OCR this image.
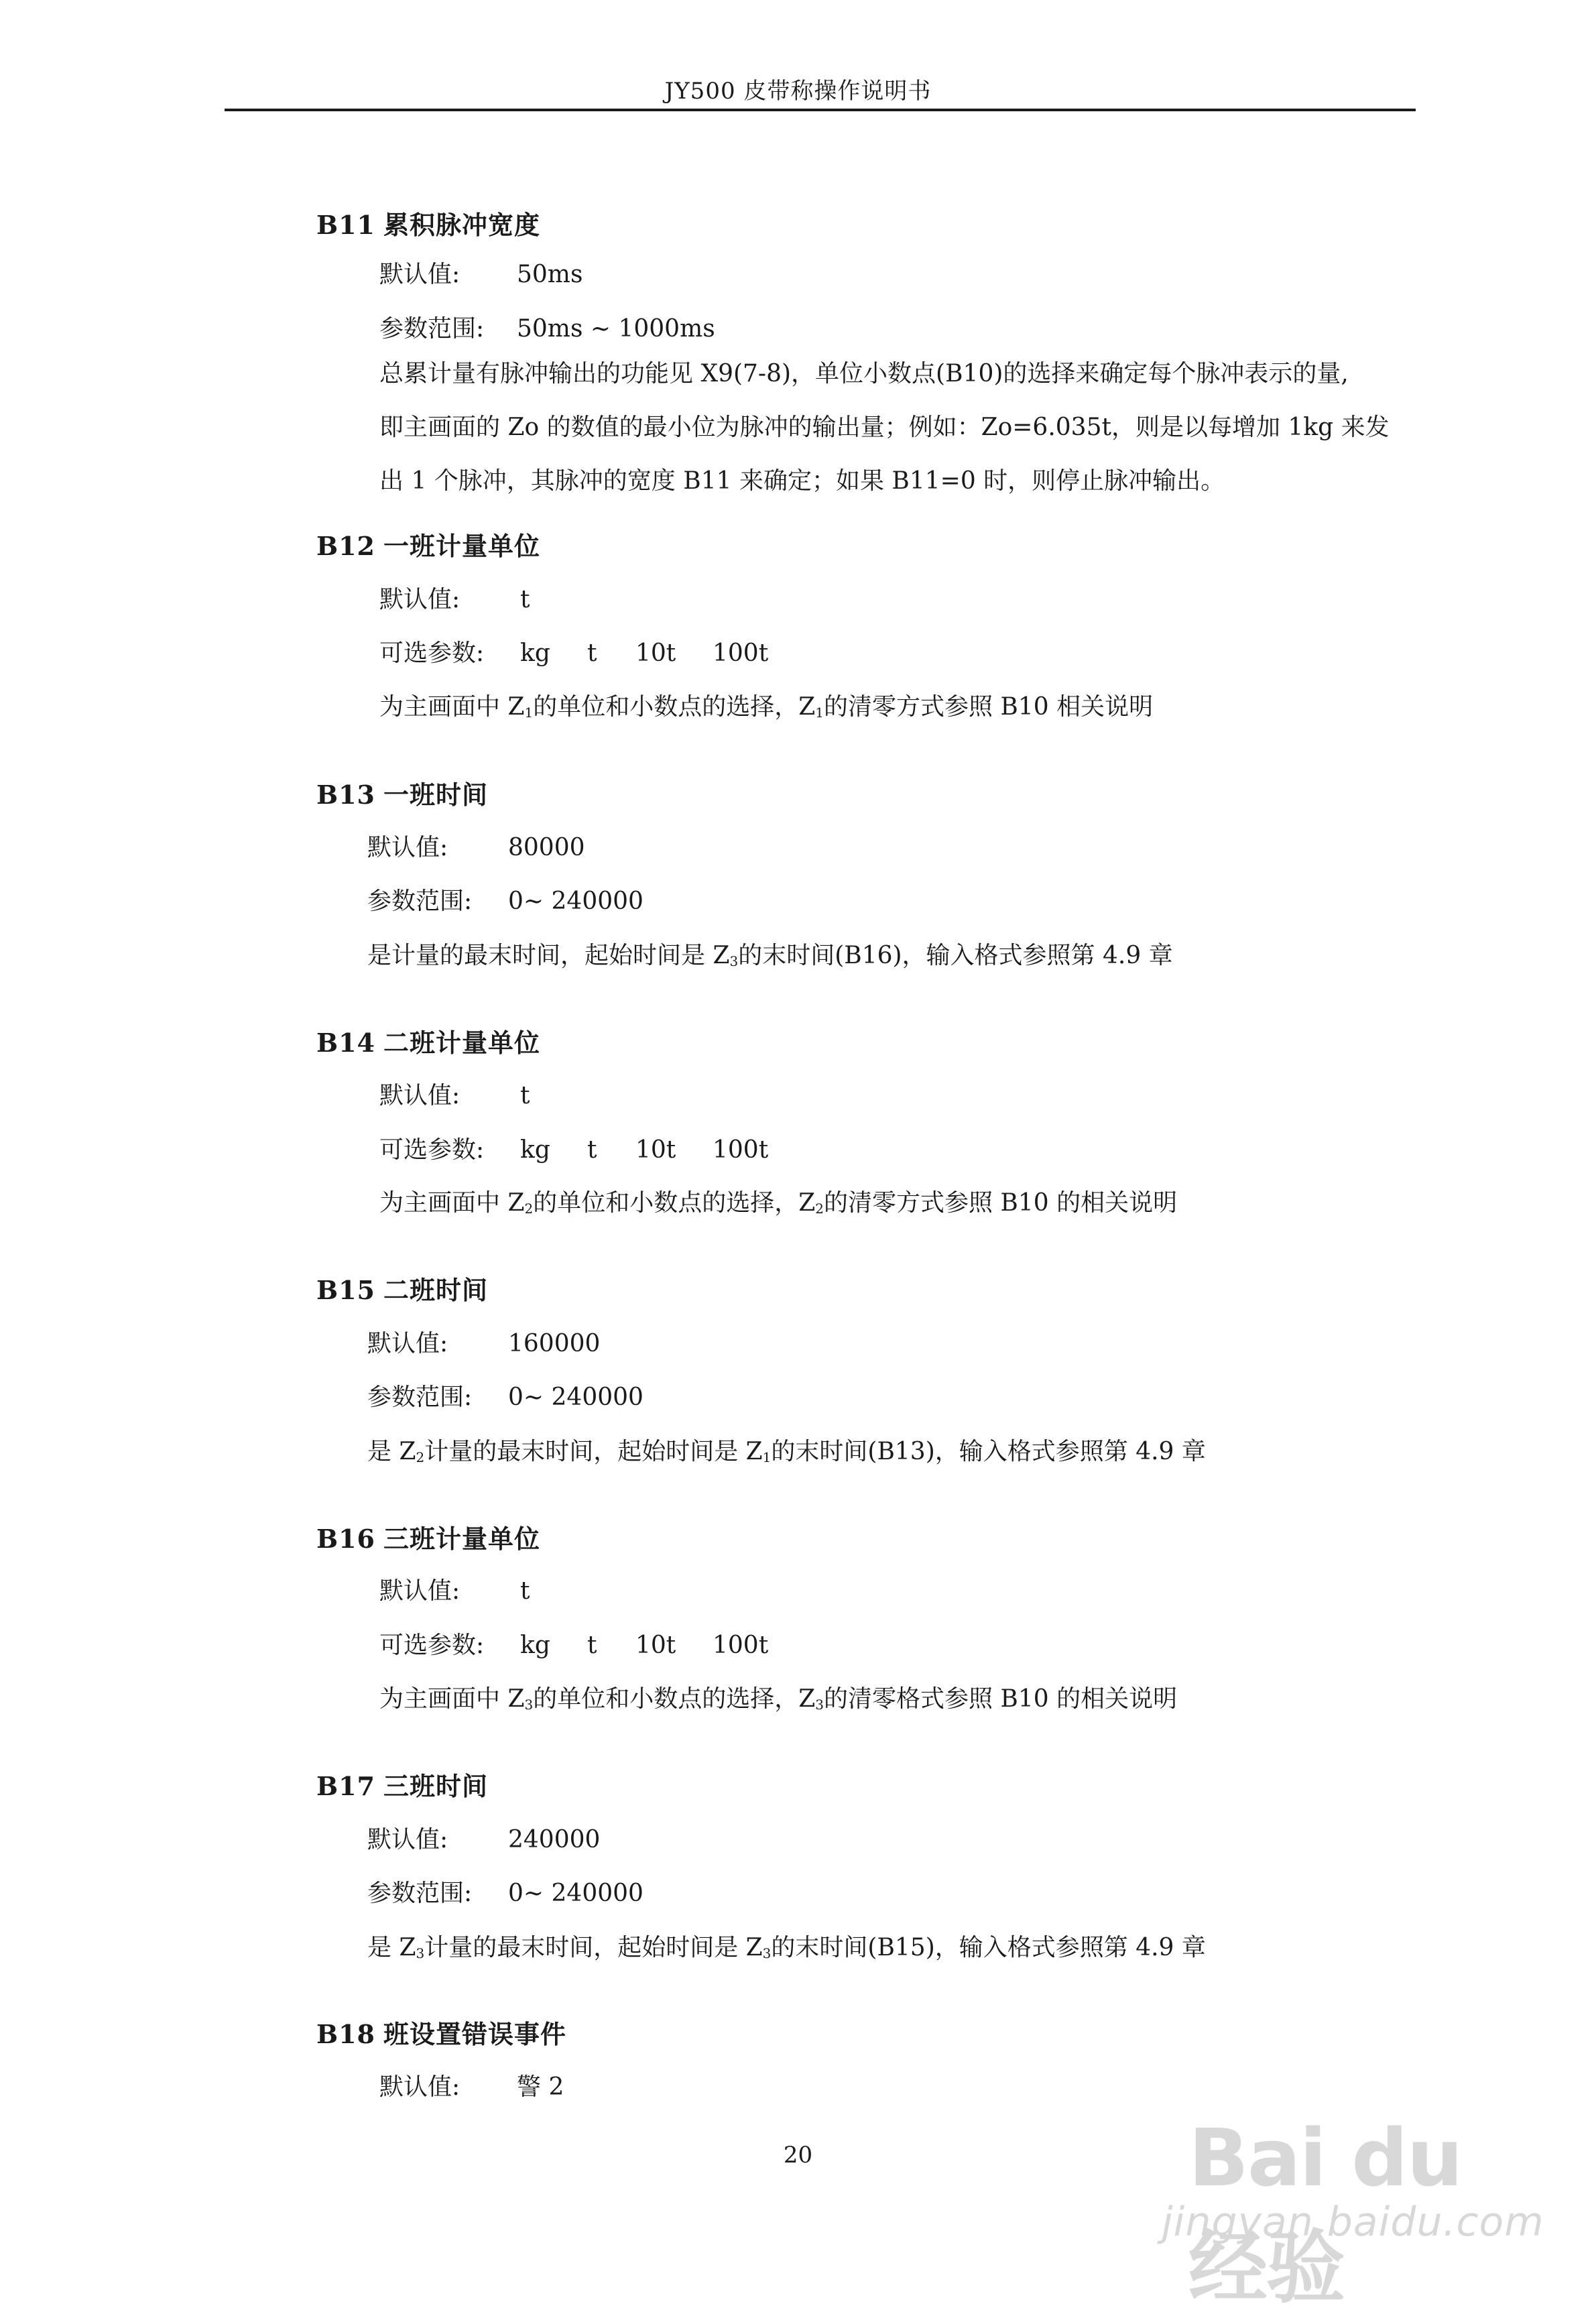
JY500 皮带称操作说明书
B11 累积脉冲宽度
默认值: 50ms
参数范围: 50ms ~ 1000ms
总累计量有脉冲输出的功能见 X9(7-8)，单位小数点(B10)的选择来确定每个脉冲表示的量,
即主画面的 Zo 的数值的最小位为脉冲的输出量；例如：Zo=6.035t，则是以每增加 1kg 来发
出 1 个脉冲，其脉冲的宽度 B11 来确定；如果 B11=0 时，则停止脉冲输出。
B12 一班计量单位
默认值: t
可选参数: kg t 10t 100t
为主画面中 $Z_1$的单位和小数点的选择，$Z_1$的清零方式参照 B10 相关说明
B13 一班时间
默认值: 80000
参数范围: 0~ 240000
是计量的最末时间，起始时间是 $Z_3$的末时间(B16)，输入格式参照第 4.9 章
B14 二班计量单位
默认值: t
可选参数: kg t 10t 100t
为主画面中 $Z_2$的单位和小数点的选择，$Z_2$的清零方式参照 B10 的相关说明
B15 二班时间
默认值: 160000
参数范围: 0~ 240000
是 $Z_2$计量的最末时间，起始时间是 $Z_1$的末时间(B13)，输入格式参照第 4.9 章
B16 三班计量单位
默认值: t
可选参数: kg t 10t 100t
为主画面中 $Z_3$的单位和小数点的选择，$Z_3$的清零格式参照 B10 的相关说明
B17 三班时间
默认值: 240000
参数范围: 0~ 240000
是 $Z_3$计量的最末时间，起始时间是 $Z_3$的末时间(B15)，输入格式参照第 4.9 章
B18 班设置错误事件
默认值: 警 2
20	Bai du 经验
jingyan.baidu.com
